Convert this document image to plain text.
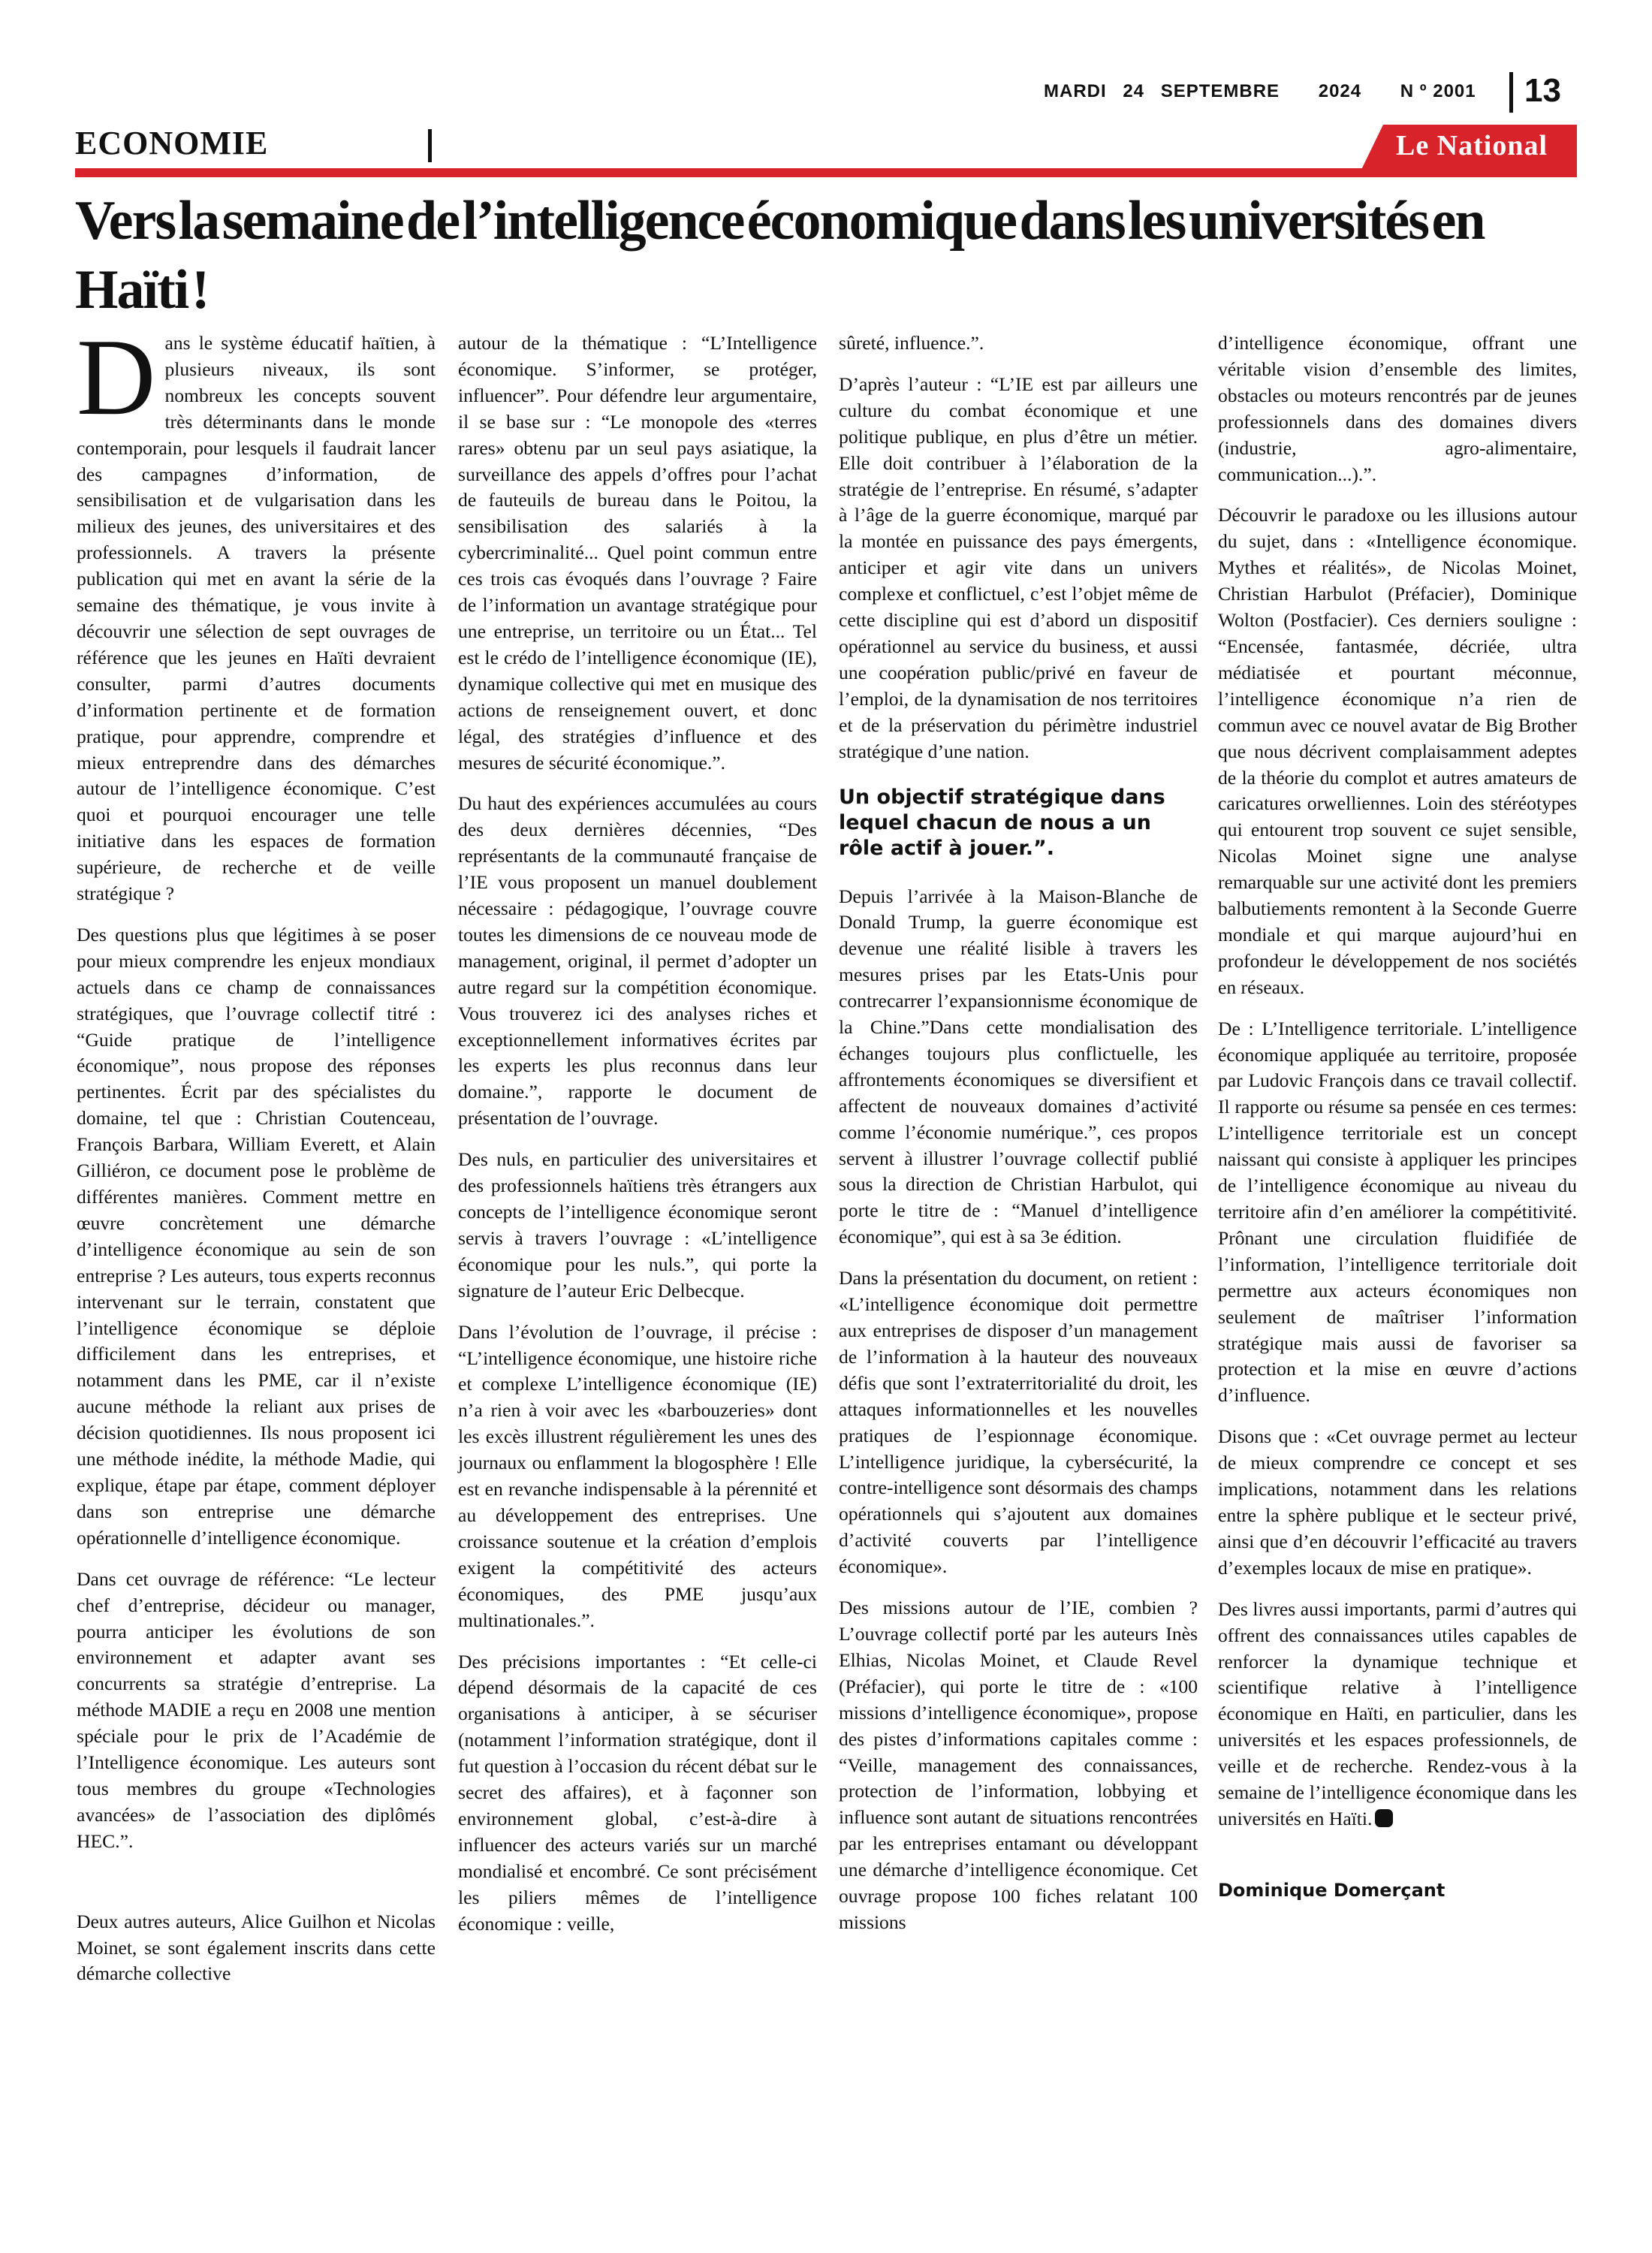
MARDI 24 SEPTEMBRE 2024 N º 2001	13
ECONOMIE	Le National
Vers la semaine de l’intelligence économique dans les universités en Haïti !

Dans le système éducatif haïtien, à plusieurs niveaux, ils sont nombreux les concepts souvent très déterminants dans le monde contemporain, pour lesquels il faudrait lancer des campagnes d’information, de sensibilisation et de vulgarisation dans les milieux des jeunes, des universitaires et des professionnels. A travers la présente publication qui met en avant la série de la semaine des thématique, je vous invite à découvrir une sélection de sept ouvrages de référence que les jeunes en Haïti devraient consulter, parmi d’autres documents d’information pertinente et de formation pratique, pour apprendre, comprendre et mieux entreprendre dans des démarches autour de l’intelligence économique. C’est quoi et pourquoi encourager une telle initiative dans les espaces de formation supérieure, de recherche et de veille stratégique ?

Des questions plus que légitimes à se poser pour mieux comprendre les enjeux mondiaux actuels dans ce champ de connaissances stratégiques, que l’ouvrage collectif titré : “Guide pratique de l’intelligence économique”, nous propose des réponses pertinentes. Écrit par des spécialistes du domaine, tel que : Christian Coutenceau, François Barbara, William Everett, et Alain Gilliéron, ce document pose le problème de différentes manières. Comment mettre en œuvre concrètement une démarche d’intelligence économique au sein de son entreprise ? Les auteurs, tous experts reconnus intervenant sur le terrain, constatent que l’intelligence économique se déploie difficilement dans les entreprises, et notamment dans les PME, car il n’existe aucune méthode la reliant aux prises de décision quotidiennes. Ils nous proposent ici une méthode inédite, la méthode Madie, qui explique, étape par étape, comment déployer dans son entreprise une démarche opérationnelle d’intelligence économique.

Dans cet ouvrage de référence: “Le lecteur chef d’entreprise, décideur ou manager, pourra anticiper les évolutions de son environnement et adapter avant ses concurrents sa stratégie d’entreprise. La méthode MADIE a reçu en 2008 une mention spéciale pour le prix de l’Académie de l’Intelligence économique. Les auteurs sont tous membres du groupe «Technologies avancées» de l’association des diplômés HEC.”.

Deux autres auteurs, Alice Guilhon et Nicolas Moinet, se sont également inscrits dans cette démarche collective

autour de la thématique : “L’Intelligence économique. S’informer, se protéger, influencer”. Pour défendre leur argumentaire, il se base sur : “Le monopole des «terres rares» obtenu par un seul pays asiatique, la surveillance des appels d’offres pour l’achat de fauteuils de bureau dans le Poitou, la sensibilisation des salariés à la cybercriminalité... Quel point commun entre ces trois cas évoqués dans l’ouvrage ? Faire de l’information un avantage stratégique pour une entreprise, un territoire ou un État... Tel est le crédo de l’intelligence économique (IE), dynamique collective qui met en musique des actions de renseignement ouvert, et donc légal, des stratégies d’influence et des mesures de sécurité économique.”.

Du haut des expériences accumulées au cours des deux dernières décennies, “Des représentants de la communauté française de l’IE vous proposent un manuel doublement nécessaire : pédagogique, l’ouvrage couvre toutes les dimensions de ce nouveau mode de management, original, il permet d’adopter un autre regard sur la compétition économique. Vous trouverez ici des analyses riches et exceptionnellement informatives écrites par les experts les plus reconnus dans leur domaine.”, rapporte le document de présentation de l’ouvrage.

Des nuls, en particulier des universitaires et des professionnels haïtiens très étrangers aux concepts de l’intelligence économique seront servis à travers l’ouvrage : «L’intelligence économique pour les nuls.”, qui porte la signature de l’auteur Eric Delbecque.

Dans l’évolution de l’ouvrage, il précise : “L’intelligence économique, une histoire riche et complexe L’intelligence économique (IE) n’a rien à voir avec les «barbouzeries» dont les excès illustrent régulièrement les unes des journaux ou enflamment la blogosphère ! Elle est en revanche indispensable à la pérennité et au développement des entreprises. Une croissance soutenue et la création d’emplois exigent la compétitivité des acteurs économiques, des PME jusqu’aux multinationales.”.

Des précisions importantes : “Et celle-ci dépend désormais de la capacité de ces organisations à anticiper, à se sécuriser (notamment l’information stratégique, dont il fut question à l’occasion du récent débat sur le secret des affaires), et à façonner son environnement global, c’est-à-dire à influencer des acteurs variés sur un marché mondialisé et encombré. Ce sont précisément les piliers mêmes de l’intelligence économique : veille,

sûreté, influence.”.

D’après l’auteur : “L’IE est par ailleurs une culture du combat économique et une politique publique, en plus d’être un métier. Elle doit contribuer à l’élaboration de la stratégie de l’entreprise. En résumé, s’adapter à l’âge de la guerre économique, marqué par la montée en puissance des pays émergents, anticiper et agir vite dans un univers complexe et conflictuel, c’est l’objet même de cette discipline qui est d’abord un dispositif opérationnel au service du business, et aussi une coopération public/privé en faveur de l’emploi, de la dynamisation de nos territoires et de la préservation du périmètre industriel stratégique d’une nation.

Un objectif stratégique dans lequel chacun de nous a un rôle actif à jouer.”.

Depuis l’arrivée à la Maison-Blanche de Donald Trump, la guerre économique est devenue une réalité lisible à travers les mesures prises par les Etats-Unis pour contrecarrer l’expansionnisme économique de la Chine.”Dans cette mondialisation des échanges toujours plus conflictuelle, les affrontements économiques se diversifient et affectent de nouveaux domaines d’activité comme l’économie numérique.”, ces propos servent à illustrer l’ouvrage collectif publié sous la direction de Christian Harbulot, qui porte le titre de : “Manuel d’intelligence économique”, qui est à sa 3e édition.

Dans la présentation du document, on retient : «L’intelligence économique doit permettre aux entreprises de disposer d’un management de l’information à la hauteur des nouveaux défis que sont l’extraterritorialité du droit, les attaques informationnelles et les nouvelles pratiques de l’espionnage économique. L’intelligence juridique, la cybersécurité, la contre-intelligence sont désormais des champs opérationnels qui s’ajoutent aux domaines d’activité couverts par l’intelligence économique».

Des missions autour de l’IE, combien ? L’ouvrage collectif porté par les auteurs Inès Elhias, Nicolas Moinet, et Claude Revel (Préfacier), qui porte le titre de : «100 missions d’intelligence économique», propose des pistes d’informations capitales comme : “Veille, management des connaissances, protection de l’information, lobbying et influence sont autant de situations rencontrées par les entreprises entamant ou développant une démarche d’intelligence économique. Cet ouvrage propose 100 fiches relatant 100 missions

d’intelligence économique, offrant une véritable vision d’ensemble des limites, obstacles ou moteurs rencontrés par de jeunes professionnels dans des domaines divers (industrie, agro-alimentaire, communication...).”.

Découvrir le paradoxe ou les illusions autour du sujet, dans : «Intelligence économique. Mythes et réalités», de Nicolas Moinet, Christian Harbulot (Préfacier), Dominique Wolton (Postfacier). Ces derniers souligne : “Encensée, fantasmée, décriée, ultra médiatisée et pourtant méconnue, l’intelligence économique n’a rien de commun avec ce nouvel avatar de Big Brother que nous décrivent complaisamment adeptes de la théorie du complot et autres amateurs de caricatures orwelliennes. Loin des stéréotypes qui entourent trop souvent ce sujet sensible, Nicolas Moinet signe une analyse remarquable sur une activité dont les premiers balbutiements remontent à la Seconde Guerre mondiale et qui marque aujourd’hui en profondeur le développement de nos sociétés en réseaux.

De : L’Intelligence territoriale. L’intelligence économique appliquée au territoire, proposée par Ludovic François dans ce travail collectif. Il rapporte ou résume sa pensée en ces termes: L’intelligence territoriale est un concept naissant qui consiste à appliquer les principes de l’intelligence économique au niveau du territoire afin d’en améliorer la compétitivité. Prônant une circulation fluidifiée de l’information, l’intelligence territoriale doit permettre aux acteurs économiques non seulement de maîtriser l’information stratégique mais aussi de favoriser sa protection et la mise en œuvre d’actions d’influence.

Disons que : «Cet ouvrage permet au lecteur de mieux comprendre ce concept et ses implications, notamment dans les relations entre la sphère publique et le secteur privé, ainsi que d’en découvrir l’efficacité au travers d’exemples locaux de mise en pratique».

Des livres aussi importants, parmi d’autres qui offrent des connaissances utiles capables de renforcer la dynamique technique et scientifique relative à l’intelligence économique en Haïti, en particulier, dans les universités et les espaces professionnels, de veille et de recherche. Rendez-vous à la semaine de l’intelligence économique dans les universités en Haïti.

Dominique Domerçant
